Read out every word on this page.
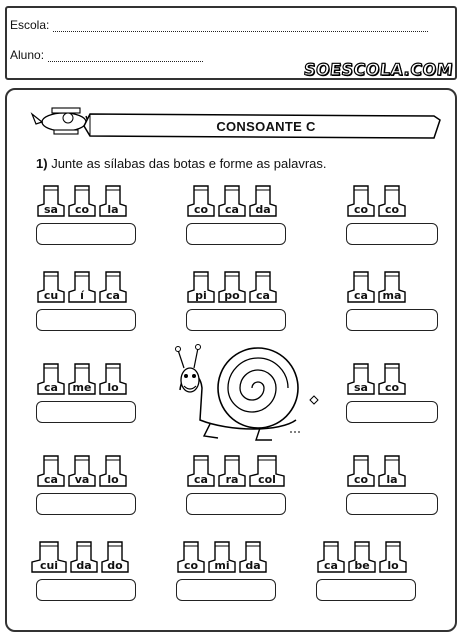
Escola:
Aluno:
SOESCOLA.COM
CONSOANTE C
1) Junte as sílabas das botas e forme as palavras.
sa	co	la	co	ca	da	co	co
cu	í	ca	pi	po	ca	ca	ma
ca	me	lo	sa	co
ca	va	lo	ca	ra	col	co	la
cui	da	do	co	mi	da	ca	be	lo
